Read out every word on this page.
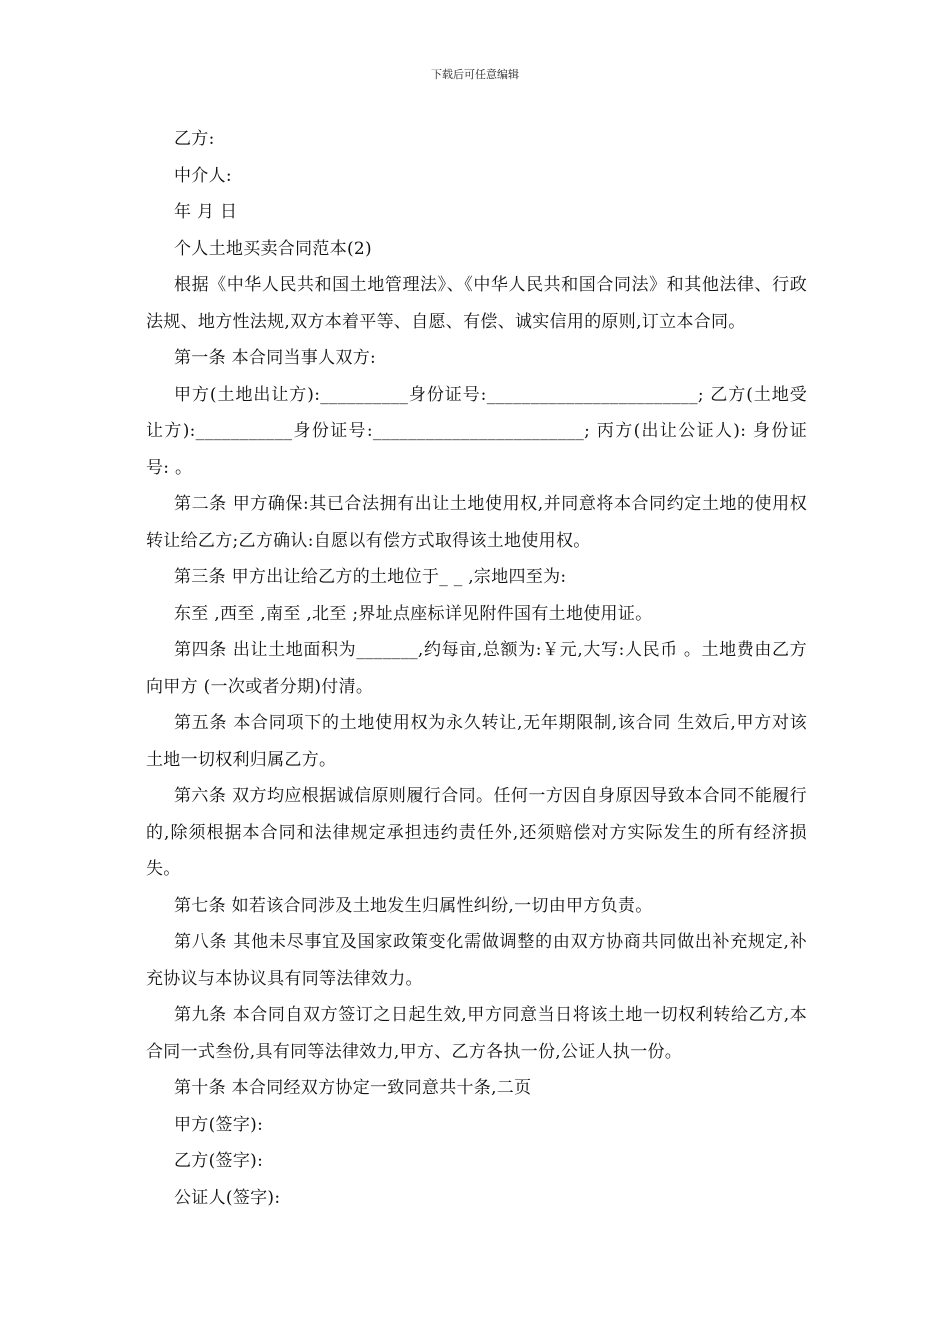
下载后可任意编辑

乙方:

中介人:

年 月 日

个人土地买卖合同范本(2)

根据《中华人民共和国土地管理法》、《中华人民共和国合同法》和其他法律、行政法规、地方性法规,双方本着平等、自愿、有偿、诚实信用的原则,订立本合同。

第一条 本合同当事人双方:

甲方(土地出让方):__________身份证号:________________________; 乙方(土地受让方):___________身份证号:________________________; 丙方(出让公证人): 身份证号: 。

第二条 甲方确保:其已合法拥有出让土地使用权,并同意将本合同约定土地的使用权转让给乙方;乙方确认:自愿以有偿方式取得该土地使用权。

第三条 甲方出让给乙方的土地位于_ _ ,宗地四至为:

东至 ,西至 ,南至 ,北至 ;界址点座标详见附件国有土地使用证。

第四条 出让土地面积为_______,约每亩,总额为:￥元,大写:人民币 。土地费由乙方向甲方 (一次或者分期)付清。

第五条 本合同项下的土地使用权为永久转让,无年期限制,该合同 生效后,甲方对该土地一切权利归属乙方。

第六条 双方均应根据诚信原则履行合同。任何一方因自身原因导致本合同不能履行的,除须根据本合同和法律规定承担违约责任外,还须赔偿对方实际发生的所有经济损失。

第七条 如若该合同涉及土地发生归属性纠纷,一切由甲方负责。

第八条 其他未尽事宜及国家政策变化需做调整的由双方协商共同做出补充规定,补充协议与本协议具有同等法律效力。

第九条 本合同自双方签订之日起生效,甲方同意当日将该土地一切权利转给乙方,本合同一式叁份,具有同等法律效力,甲方、乙方各执一份,公证人执一份。

第十条 本合同经双方协定一致同意共十条,二页

甲方(签字):

乙方(签字):

公证人(签字):
